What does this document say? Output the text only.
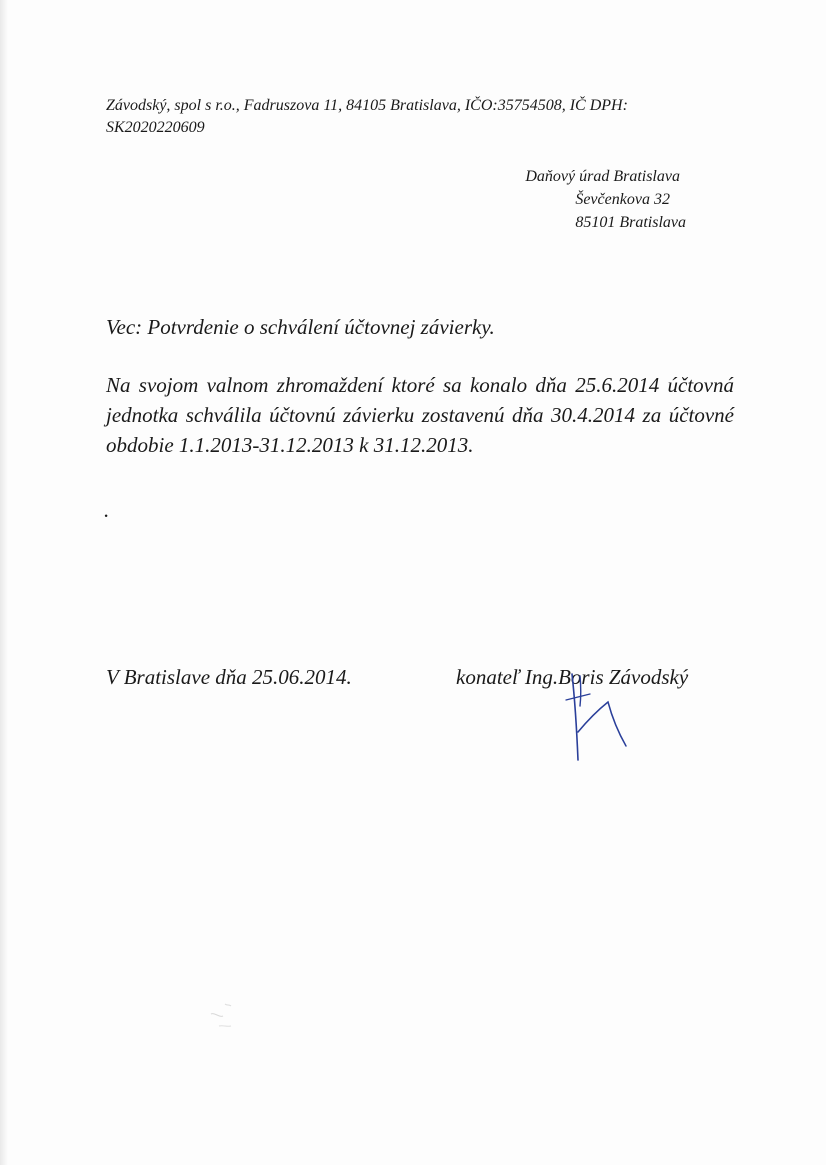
Závodský, spol s r.o., Fadruszova 11, 84105 Bratislava, IČO:35754508, IČ DPH: SK2020220609
Daňový úrad Bratislava
Ševčenkova 32
85101 Bratislava
Vec: Potvrdenie o schválení účtovnej závierky.
Na svojom valnom zhromaždení ktoré sa konalo dňa 25.6.2014 účtovná jednotka schválila účtovnú závierku zostavenú dňa 30.4.2014 za účtovné obdobie 1.1.2013-31.12.2013 k 31.12.2013.
.
V Bratislave dňa 25.06.2014.	konateľ Ing.Boris Závodský
